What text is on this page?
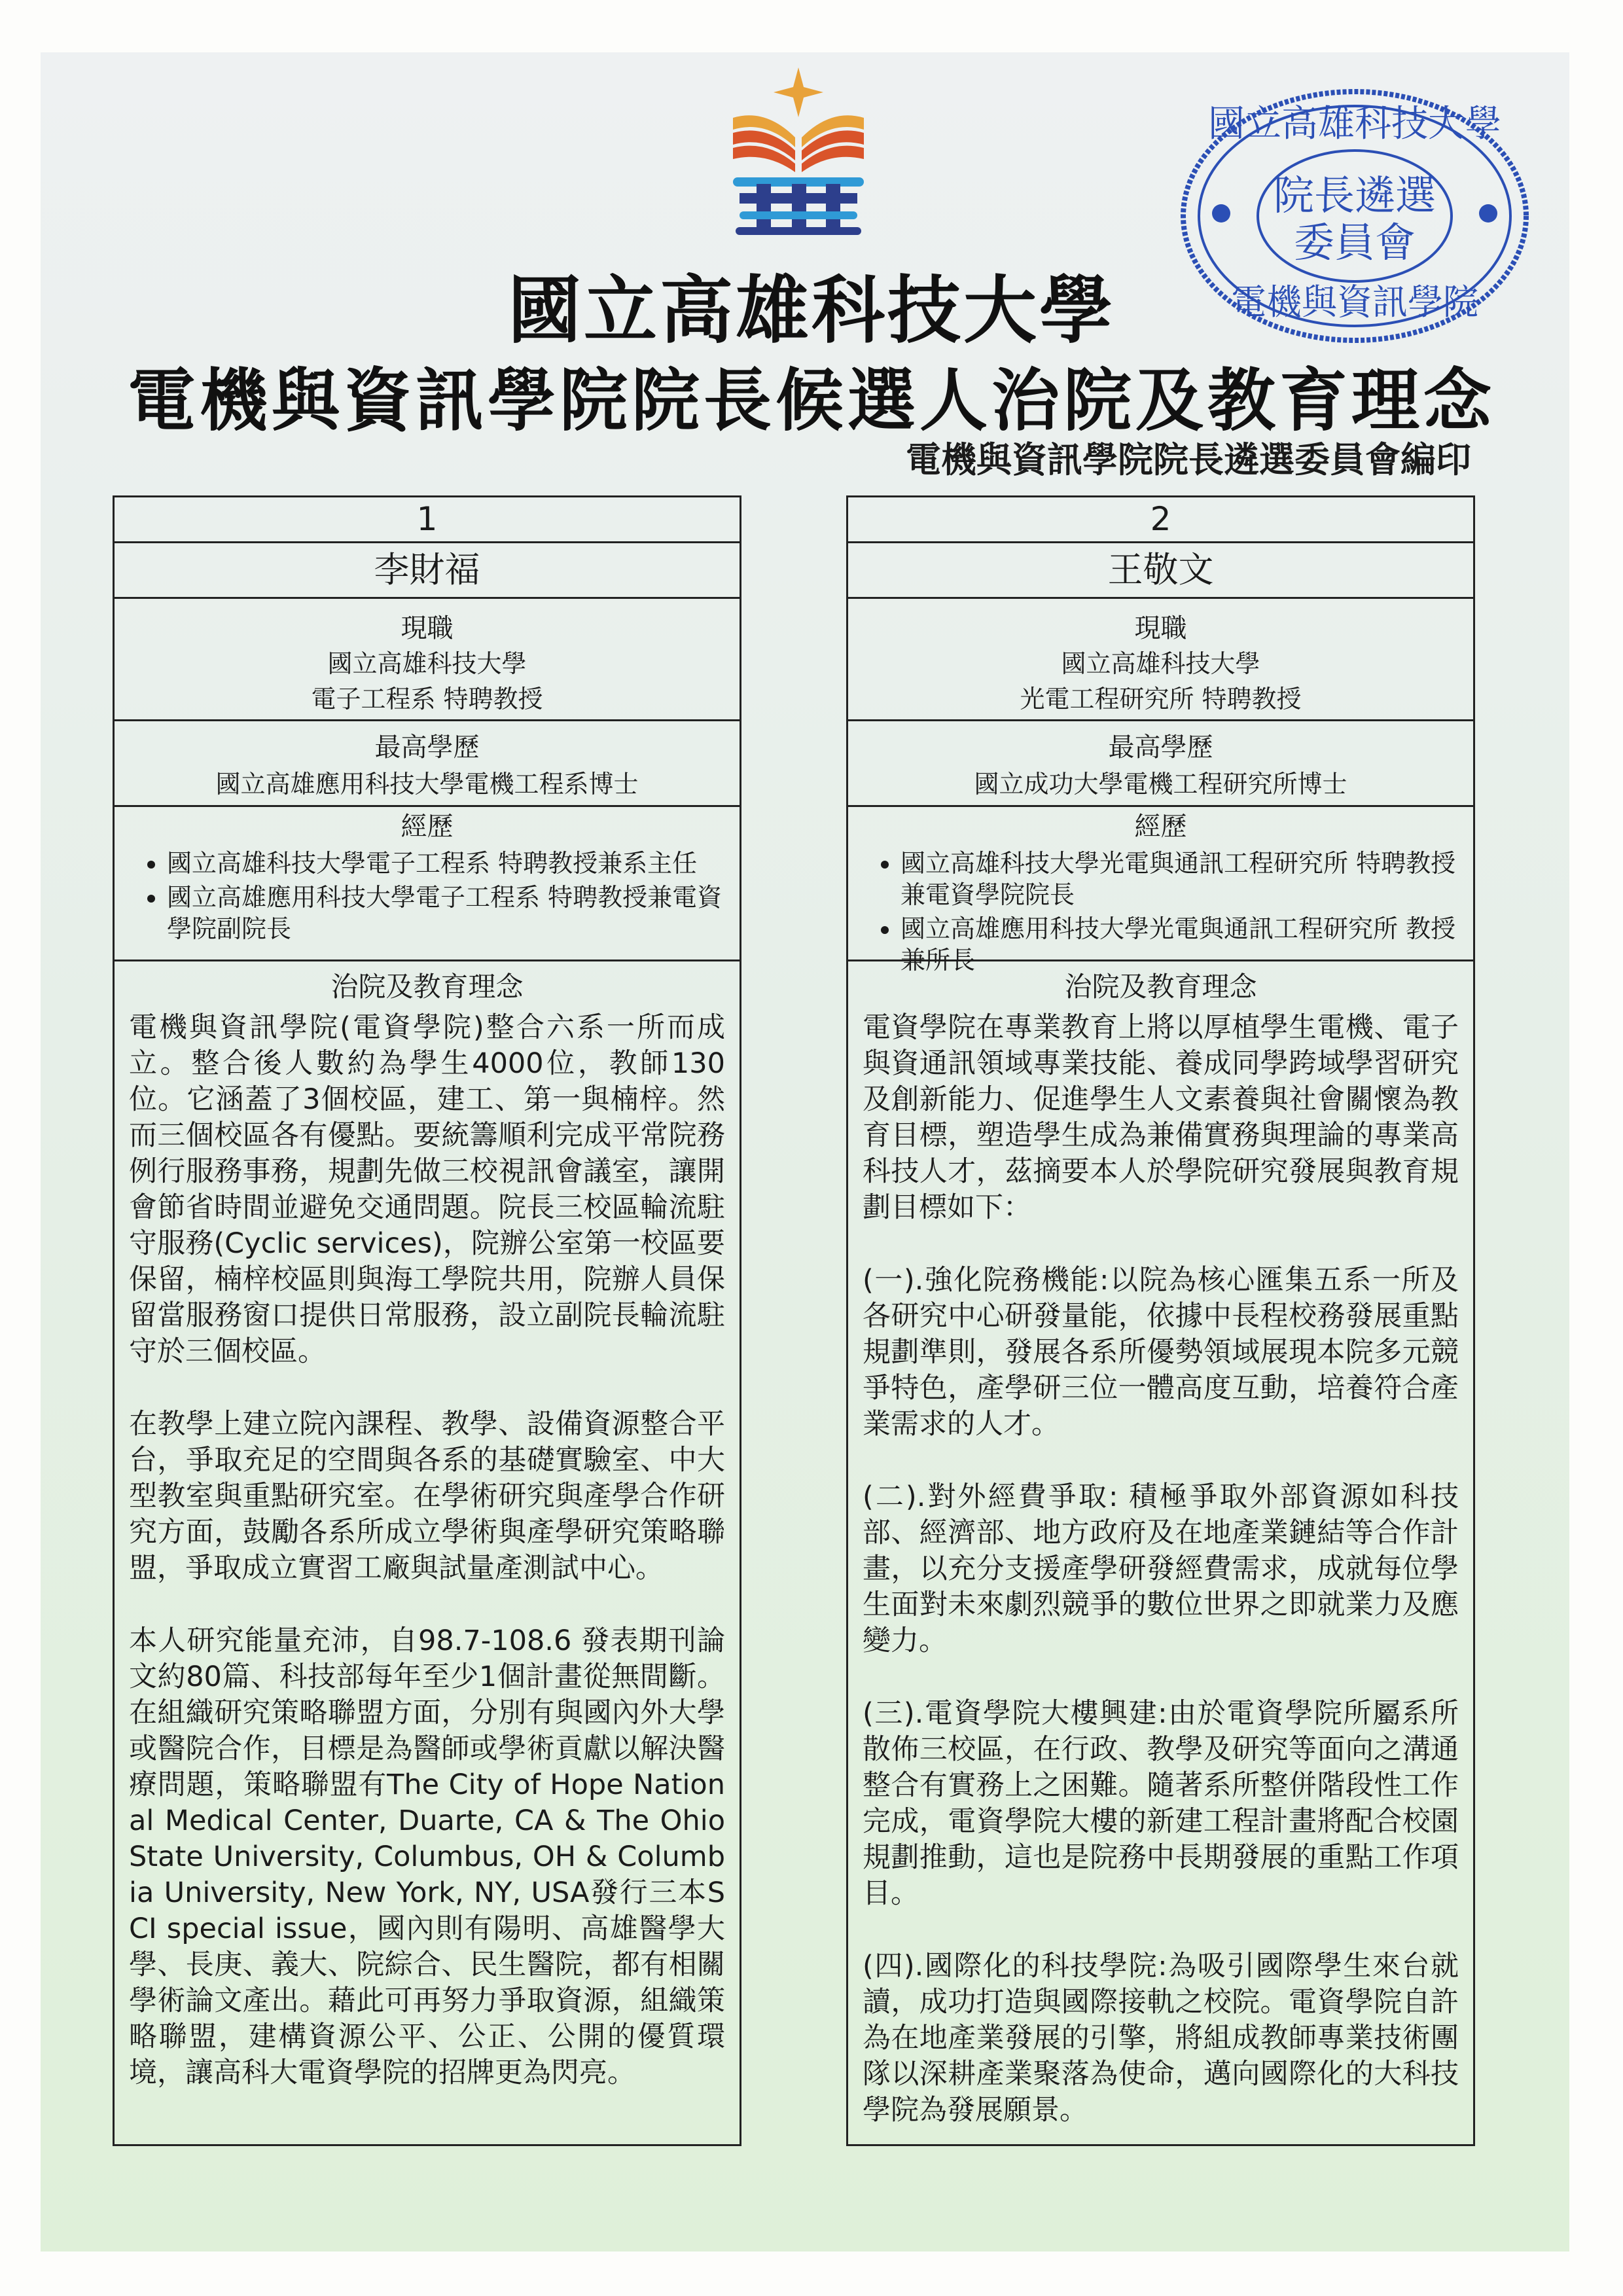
國立高雄科技大學
院長遴選
委員會
電機與資訊學院
國立高雄科技大學
電機與資訊學院院長候選人治院及教育理念
電機與資訊學院院長遴選委員會編印
1
李財福
現職
國立高雄科技大學
電子工程系 特聘教授
最高學歷
國立高雄應用科技大學電機工程系博士
經歷
• 國立高雄科技大學電子工程系 特聘教授兼系主任
• 國立高雄應用科技大學電子工程系 特聘教授兼電資學院副院長
治院及教育理念

電機與資訊學院(電資學院)整合六系一所而成立。整合後人數約為學生4000位，教師130位。它涵蓋了3個校區，建工、第一與楠梓。然而三個校區各有優點。要統籌順利完成平常院務例行服務事務，規劃先做三校視訊會議室，讓開會節省時間並避免交通問題。院長三校區輪流駐守服務(Cyclic services)，院辦公室第一校區要保留，楠梓校區則與海工學院共用，院辦人員保留當服務窗口提供日常服務，設立副院長輪流駐守於三個校區。

在教學上建立院內課程、教學、設備資源整合平台，爭取充足的空間與各系的基礎實驗室、中大型教室與重點研究室。在學術研究與產學合作研究方面，鼓勵各系所成立學術與產學研究策略聯盟，爭取成立實習工廠與試量產測試中心。

本人研究能量充沛，自98.7-108.6 發表期刊論文約80篇、科技部每年至少1個計畫從無間斷。在組織研究策略聯盟方面，分別有與國內外大學或醫院合作，目標是為醫師或學術貢獻以解決醫療問題，策略聯盟有The City of Hope National Medical Center, Duarte, CA & The Ohio State University, Columbus, OH & Columbia University, New York, NY, USA發行三本SCI special issue，國內則有陽明、高雄醫學大學、長庚、義大、院綜合、民生醫院，都有相關學術論文產出。藉此可再努力爭取資源，組織策略聯盟，建構資源公平、公正、公開的優質環境，讓高科大電資學院的招牌更為閃亮。

2
王敬文
現職
國立高雄科技大學
光電工程研究所 特聘教授
最高學歷
國立成功大學電機工程研究所博士
經歷
• 國立高雄科技大學光電與通訊工程研究所 特聘教授兼電資學院院長
• 國立高雄應用科技大學光電與通訊工程研究所 教授兼所長
治院及教育理念

電資學院在專業教育上將以厚植學生電機、電子與資通訊領域專業技能、養成同學跨域學習研究及創新能力、促進學生人文素養與社會關懷為教育目標，塑造學生成為兼備實務與理論的專業高科技人才，茲摘要本人於學院研究發展與教育規劃目標如下：

(一).強化院務機能:以院為核心匯集五系一所及各研究中心研發量能，依據中長程校務發展重點規劃準則，發展各系所優勢領域展現本院多元競爭特色，產學研三位一體高度互動，培養符合產業需求的人才。

(二).對外經費爭取: 積極爭取外部資源如科技部、經濟部、地方政府及在地產業鏈結等合作計畫，以充分支援產學研發經費需求，成就每位學生面對未來劇烈競爭的數位世界之即就業力及應變力。

(三).電資學院大樓興建:由於電資學院所屬系所散佈三校區，在行政、教學及研究等面向之溝通整合有實務上之困難。隨著系所整併階段性工作完成，電資學院大樓的新建工程計畫將配合校園規劃推動，這也是院務中長期發展的重點工作項目。

(四).國際化的科技學院:為吸引國際學生來台就讀，成功打造與國際接軌之校院。電資學院自許為在地產業發展的引擎，將組成教師專業技術團隊以深耕產業聚落為使命，邁向國際化的大科技學院為發展願景。
